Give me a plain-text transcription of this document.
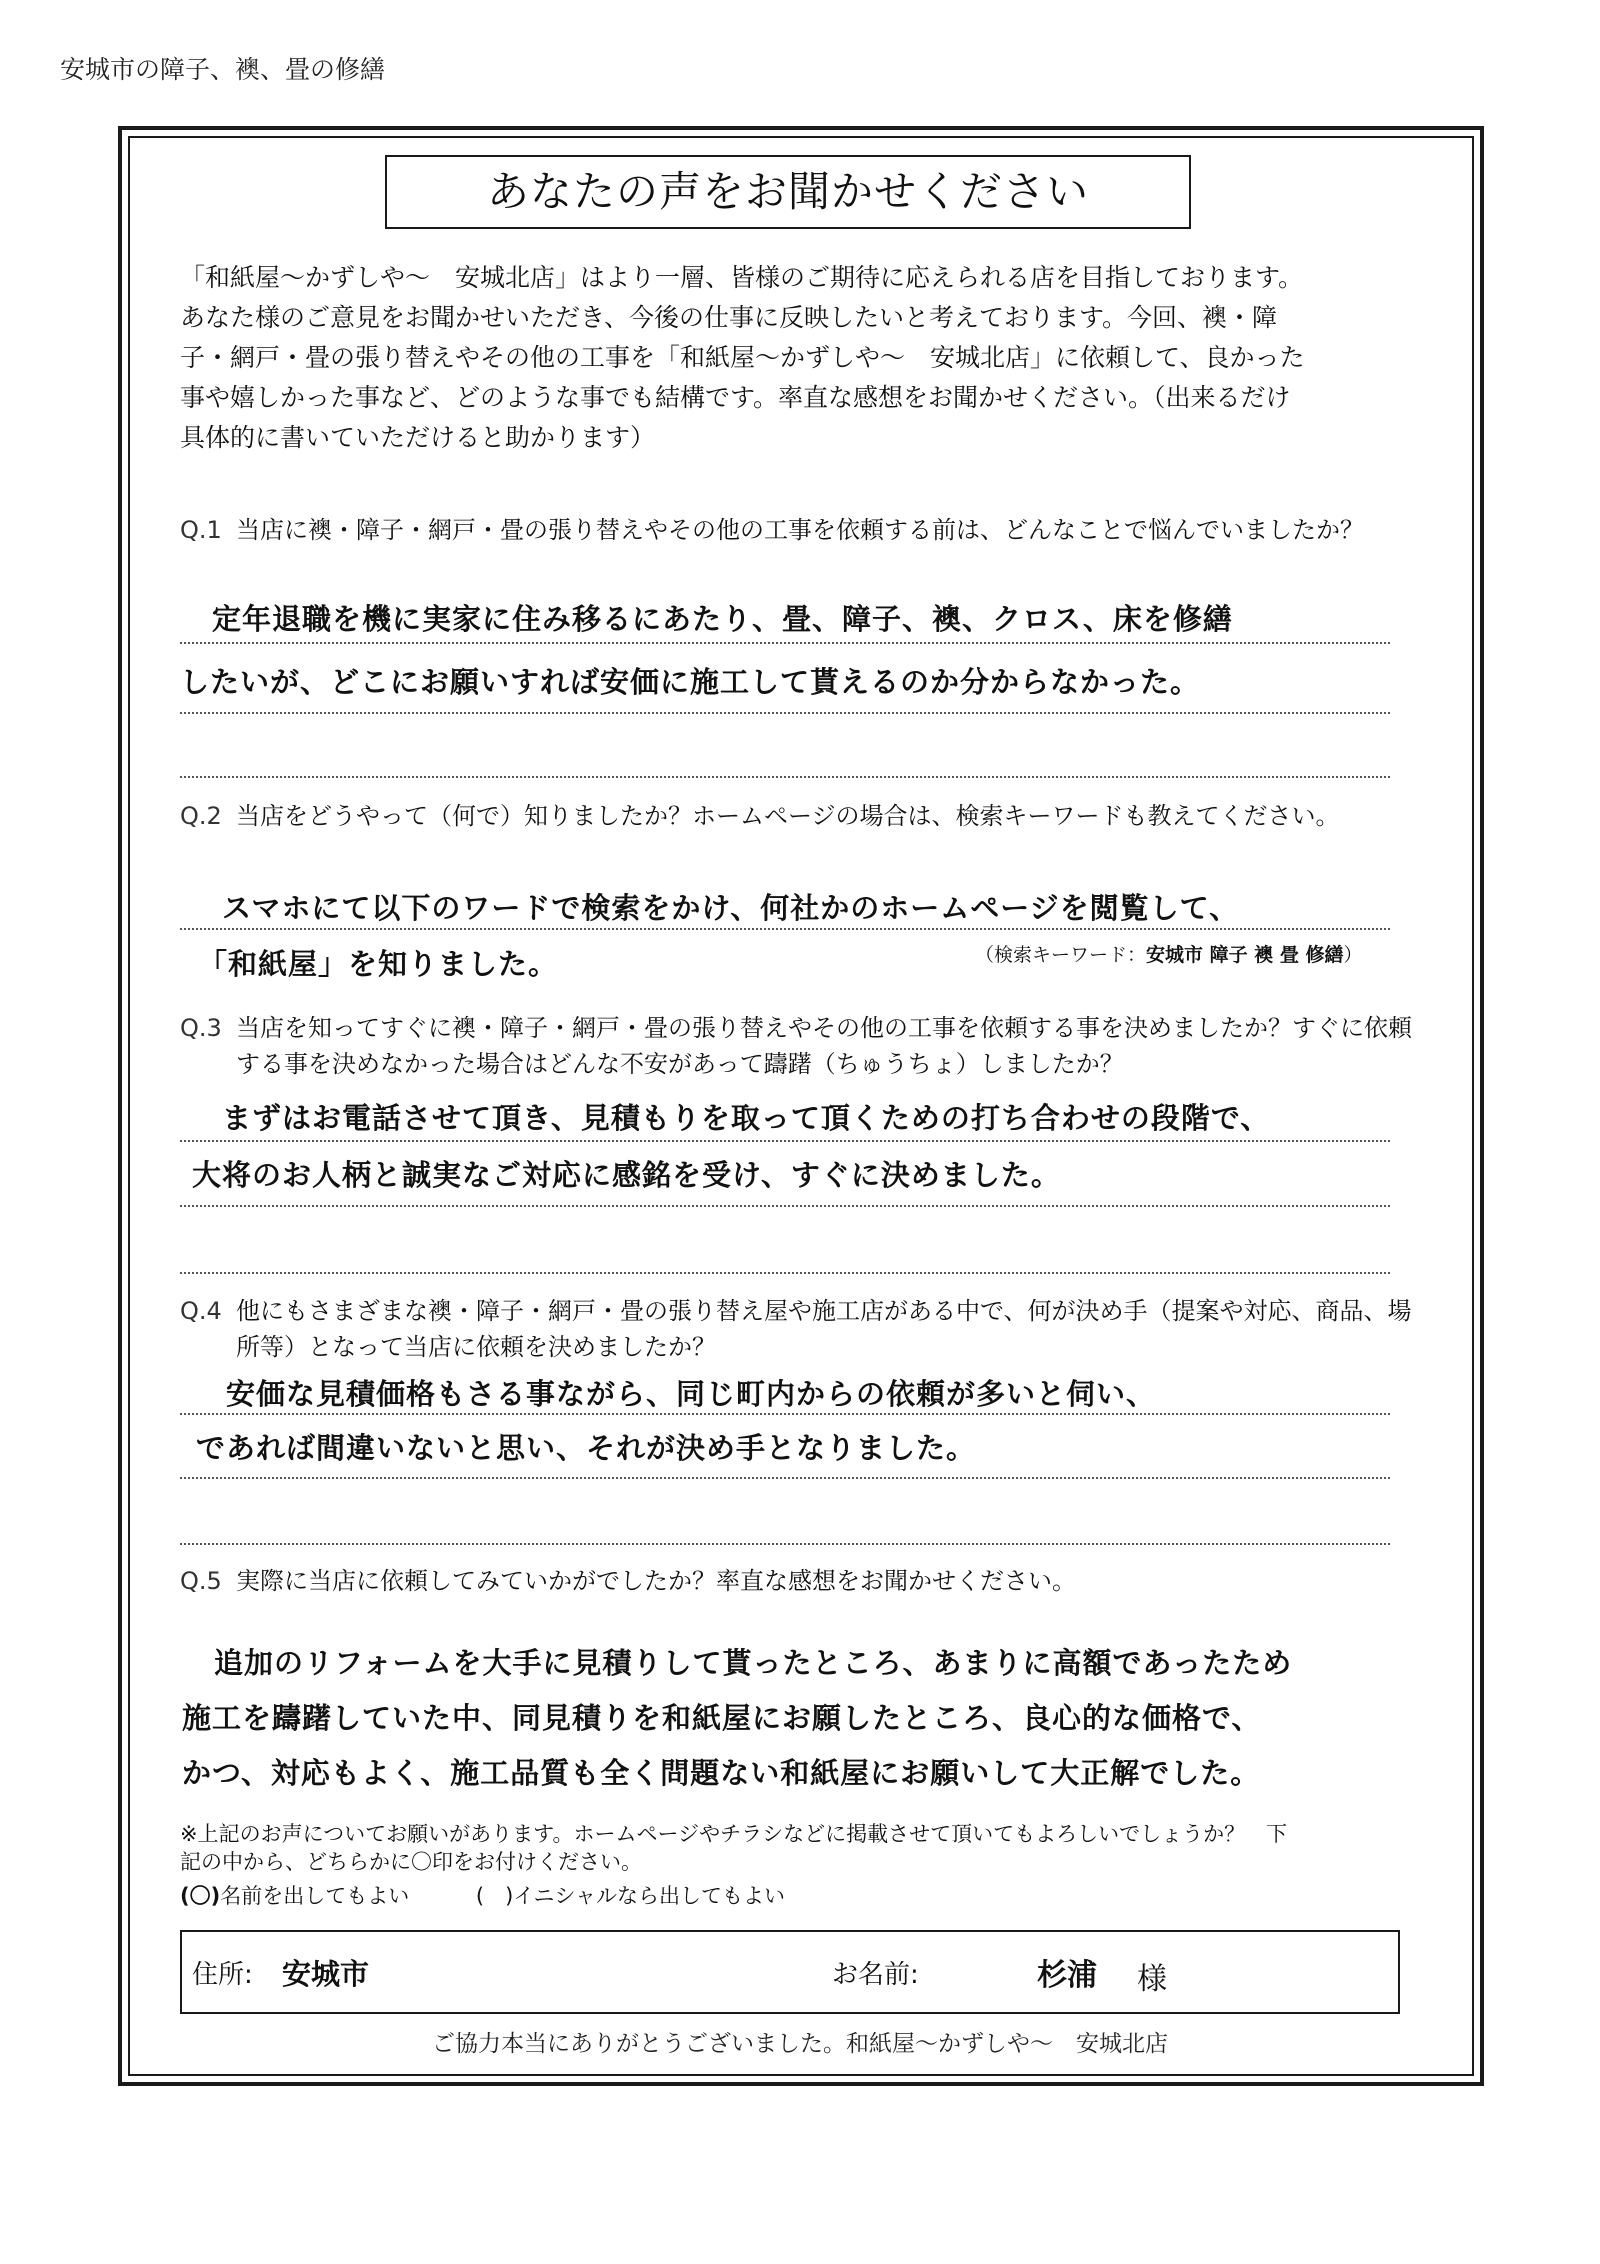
安城市の障子、襖、畳の修繕
あなたの声をお聞かせください
「和紙屋～かずしや～　安城北店」はより一層、皆様のご期待に応えられる店を目指しております。
あなた様のご意見をお聞かせいただき、今後の仕事に反映したいと考えております。今回、襖・障
子・網戸・畳の張り替えやその他の工事を「和紙屋～かずしや～　安城北店」に依頼して、良かった
事や嬉しかった事など、どのような事でも結構です。率直な感想をお聞かせください。（出来るだけ
具体的に書いていただけると助かります）
Q.1 当店に襖・障子・網戸・畳の張り替えやその他の工事を依頼する前は、どんなことで悩んでいましたか？
定年退職を機に実家に住み移るにあたり、畳、障子、襖、クロス、床を修繕
したいが、どこにお願いすれば安価に施工して貰えるのか分からなかった。
Q.2 当店をどうやって（何で）知りましたか？ホームページの場合は、検索キーワードも教えてください。
スマホにて以下のワードで検索をかけ、何社かのホームページを閲覧して、
「和紙屋」を知りました。	（検索キーワード：安城市 障子 襖 畳 修繕）
Q.3 当店を知ってすぐに襖・障子・網戸・畳の張り替えやその他の工事を依頼する事を決めましたか？すぐに依頼する事を決めなかった場合はどんな不安があって躊躇（ちゅうちょ）しましたか？
まずはお電話させて頂き、見積もりを取って頂くための打ち合わせの段階で、
大将のお人柄と誠実なご対応に感銘を受け、すぐに決めました。
Q.4 他にもさまざまな襖・障子・網戸・畳の張り替え屋や施工店がある中で、何が決め手（提案や対応、商品、場所等）となって当店に依頼を決めましたか？
安価な見積価格もさる事ながら、同じ町内からの依頼が多いと伺い、
であれば間違いないと思い、それが決め手となりました。
Q.5 実際に当店に依頼してみていかがでしたか？率直な感想をお聞かせください。
追加のリフォームを大手に見積りして貰ったところ、あまりに高額であったため
施工を躊躇していた中、同見積りを和紙屋にお願したところ、良心的な価格で、
かつ、対応もよく、施工品質も全く問題ない和紙屋にお願いして大正解でした。
※上記のお声についてお願いがあります。ホームページやチラシなどに掲載させて頂いてもよろしいでしょうか？　下
記の中から、どちらかに〇印をお付けください。
(〇)名前を出してもよい	(　)イニシャルなら出してもよい
住所: 安城市	お名前:	杉浦 様
ご協力本当にありがとうございました。和紙屋～かずしや～　安城北店
